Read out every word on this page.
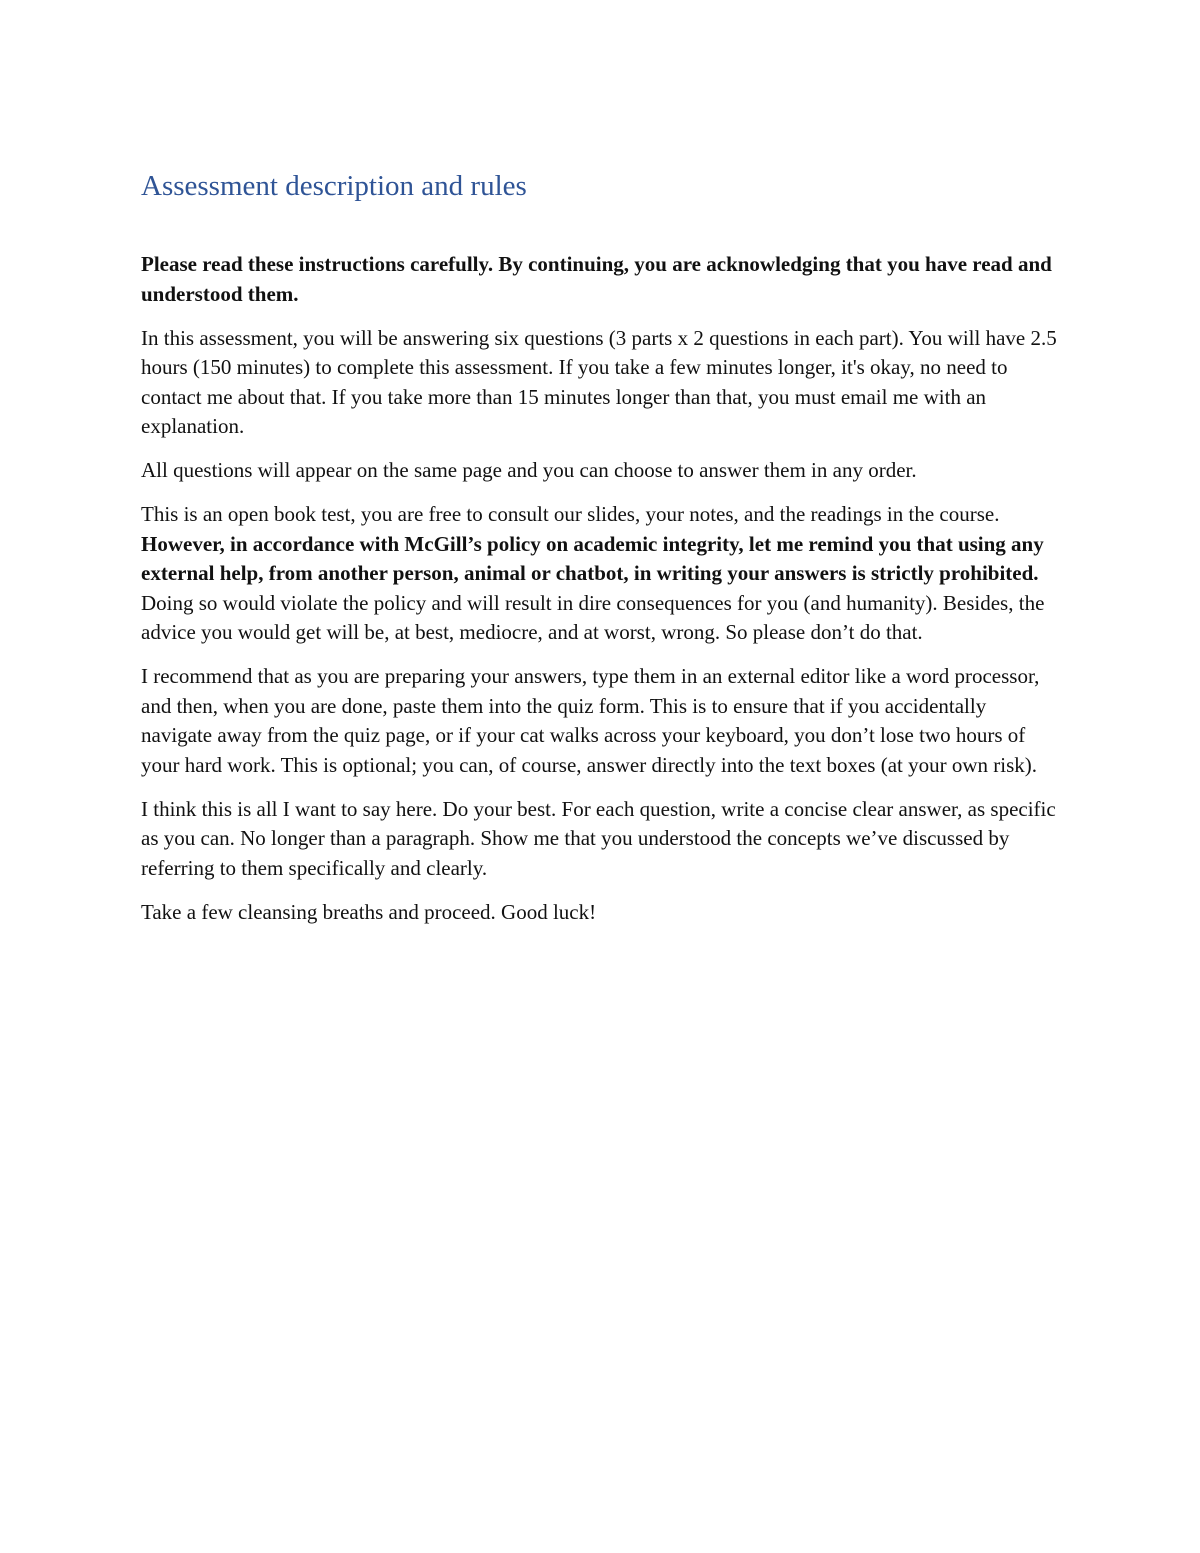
Assessment description and rules

Please read these instructions carefully. By continuing, you are acknowledging that you have read and understood them.

In this assessment, you will be answering six questions (3 parts x 2 questions in each part). You will have 2.5 hours (150 minutes) to complete this assessment. If you take a few minutes longer, it's okay, no need to contact me about that. If you take more than 15 minutes longer than that, you must email me with an explanation.

All questions will appear on the same page and you can choose to answer them in any order.

This is an open book test, you are free to consult our slides, your notes, and the readings in the course. However, in accordance with McGill’s policy on academic integrity, let me remind you that using any external help, from another person, animal or chatbot, in writing your answers is strictly prohibited. Doing so would violate the policy and will result in dire consequences for you (and humanity). Besides, the advice you would get will be, at best, mediocre, and at worst, wrong. So please don’t do that.

I recommend that as you are preparing your answers, type them in an external editor like a word processor, and then, when you are done, paste them into the quiz form. This is to ensure that if you accidentally navigate away from the quiz page, or if your cat walks across your keyboard, you don’t lose two hours of your hard work. This is optional; you can, of course, answer directly into the text boxes (at your own risk).

I think this is all I want to say here. Do your best. For each question, write a concise clear answer, as specific as you can. No longer than a paragraph. Show me that you understood the concepts we’ve discussed by referring to them specifically and clearly.

Take a few cleansing breaths and proceed. Good luck!
